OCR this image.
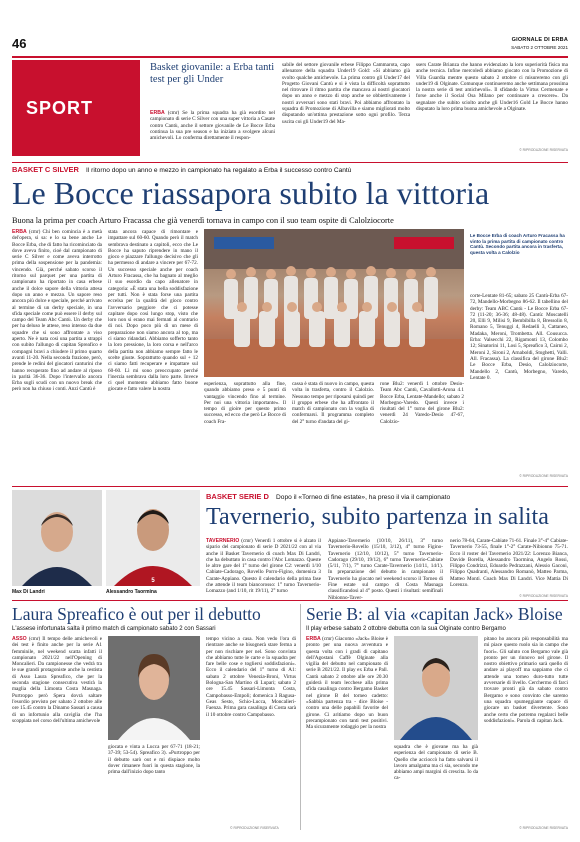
46	GIORNALE DI ERBA
SABATO 2 OTTOBRE 2021
SPORT
Basket giovanile: a Erba tanti test per gli Under
ERBA (cmr) Se la prima squadra ha già esordito nel campionato di serie C Silver con una super vittoria a Casate contro Cantù, anche il settore giovanile de Le Bocce Erba continua la sua pre season e ha iniziato a svolgere alcuni amichevoli. Lo conferma direttamente il respon-
sabile del settore giovanile erbese Filippo Cammarota, capo allenatore della squadra Under19 Gold: «Si abbiamo già svolto qualche amichevole. La prima contro gli Under17 del Progetto Giovani Cantù e si è vista la difficoltà soprattutto nel ritrovare il ritmo partita che mancava ai nostri giocatori dopo un anno e mezzo di stop anche se obbiettivamente i nostri avversari sono stati bravi. Poi abbiamo affrontato la squadra di Promozione di Albavilla e siamo migliorati molto disputando un'ottima prestazione sotto ogni profilo. Terza uscita coi gli Under19 del Ma-
ssers Carate Brianza che hanno evidenziato la loro superiorità fisica ma anche tecnica. Infine mercoledì abbiamo giocato con la Promozione di Villa Guardia mentre questo sabato 2 ottobre ci misureremo con gli under19 di Olginate. Comunque continueremo anche settimana prossima la nostra serie di test amichevoli». Il sfidando la Virtus Cermenate e forse anche il Social Osa Milano per continuare a crescere». Da segnalare che subito sciolto anche gli Under16 Gold Le Bocce hanno disputato la loro prima buona amichevole a Olginate.
© RIPRODUZIONE RISERVATA
BASKET C SILVER Il ritorno dopo un anno e mezzo in campionato ha regalato a Erba il successo contro Cantù
Le Bocce riassapora subito la vittoria
Buona la prima per coach Arturo Fracassa che già venerdì tornava in campo con il suo team ospite di Calolziocorte
ERBA (cmr) Chi ben comincia è a metà del'opera, si sa: e lo sa bene anche Le Bocce Erba, che di fatto ha ricominciato da dove aveva finito, cioè dal campionato di serie C Silver e come aveva interrotto prima della sospensione per la pandemia: vincendo. Già, perché sabato scorso il ritorno sul parquet per una partita di campionato ha riportato in casa erbese anche il dolce sapore della vittoria attesa dopo un anno e mezzo. Un sapore reso ancora più dolce e speciale, perché arrivato al termine di un derby speciale, in una sfida speciale come può essere il derby sul campo del Team Abc Cantù. Un derby che per ha deluso le attese, reso intenso da due squadre che si sono affrontate a viso aperto. Ne è nata così una partita a strappi con subito l'allungo di capitan Spreafico e compagni bravi a chiudere il primo quarto avanti 11-20. Nella seconda frazione, però, prende le redini del giocatori canturini che hanno recuperato fino ad andare al riposo in parità 36-36. Dopo l'intervallo ancora Erba sugli scudi con un nuovo break che però non ha chiuso i conti. Anzi Cantù è
stata ancora capace di rimontare e impattare sul 60-60. Quando però il match sembrava destinato a capitoli, ecco che Le Bocce ha saputo riprendere in mano il gioco e piazzare l'allungo decisivo che gli ha permesso di andare a vincere per 67-72. Un successo speciale anche per coach Arturo Fracassa, che ha bagnato al meglio il suo esordio da capo allenatore in categoria: «È stata una bella soddisfazione per tutti. Non è stata forse una partita eccelsa per la qualità del gioco contro l'avversario peggiore che ci potesse capitare dopo così lungo stop, visto che loro non si erano mai fermati al contrario di noi. Dopo poco più di un mese di preparazione non siamo ancora al top, ma ci siamo ridandati. Abbiamo sofferto tanto la loro pressione, la loro corsa e nell'arco della partita non abbiamo sempre fatto le scelte giuste. Soprattutto quando sul + 12 ci siamo fatti recuperare e impattare sul 60-60. Lì mi sono preoccupato perché l'inerzia sembrava dalla loro parte. Invece ci quel momento abbiamo fatto buone giocate e fatto valere la nostra
Le Bocce Erba di coach Arturo Fracassa ha vinto la prima partita di campionato contro Cantù. Secondo partita ancora in trasferta, questa volta a Calolzio
esperienza, soprattutto alla fine, quando abbiamo preso e 5 punti di vantaggio vincendo fino al termine. Per noi una vittoria importante». Il tempo di gioire per questo primo successo, ed ecco che però Le Bocce di coach Fra-
cassa è stata di nuovo in campo, questa volta in trasferta, contro il Calolzio. Nessuno tempo per riposarsi quindi per il gruppo erbese che ha affrontato il match di campionato con la voglia di confermarsi. Il programma completo del 2° turno d'andata del gi-
rone Blu2: venerdì 1 ottobre Desio-Team Abc Cantù, Cavallotti-Arona 4.1 Bocce Erba, Lentate-Mandello; sabato 2 Morbegno-Varedo. Questi invece i risultati del 1° turno del girone Blu2: venerdì 24 Varedo-Desio 47-67, Calolzio-
corte-Lentate 81-65; sabato 25 Cantù-Erba 67-72, Mandello-Morbegno 86-62. Il tabellino del derby: Team ABC Cantù - Le Bocce Erba 67-72 (11-20; 36-36; 48-48). Cantù: Moscatelli 20, Elli 9, Milisi 9, Bembibilla 8, Bressolin 8, Romano 5, Tenuggi 4, Redaelli 3, Cattaneo, Madaka, Meroni, Trombetta. All. Cousucca. Erba: Valsecchi 22, Rigamonti 13, Colombo 12; Sinatorini 11, Losi 5, Spreafico 3, Cairni 2, Meroni 2, Sironi 2, Arnaboldi, Stoghetti, Valli. All. Fracassa). La classifica del girone Blu2: Le Bocce Erba, Desio, Calolziocorte, Mandello 2, Cantù, Morbegno, Varedo, Lentate 0.
© RIPRODUZIONE RISERVATA
Max Di Landri
5
Alessandro Taormina
BASKET SERIE D Dopo il «Torneo di fine estate», ha preso il via il campionato
Tavernerio, subito partenza in salita
TAVERNERIO (cmr) Venerdì 1 ottobre si è alzato il sipario del campionato di serie D 2021/22 con al via anche il Basket Tavernerio di coach Max Di Landri, che ha debuttato in casa contro l'Abc Lomazzo. Queste le altre gare del 1° turno del girone C2: venerdì 1/10 Cabiate-Cadorago, Rovello Porro-Figino, domenica 3 Carate-Appiano. Questo il calendario della prima fase che attende il team biancorosso: 1° turno Tavernerio-Lomazzo (and 1/10, rit 19/11), 2° turno
Appiano-Tavernerio (10/10, 26/11), 3° turno Tavernerio-Rovello (15/10, 3/12), 4° turno Figino-Tavernerio (12/10, 10/12), 5° turno Tavernerio-Cadorago (29/10, 19/12), 6° turno Tavernerio-Cabiate (5/11, 7/1), 7° turno Carate-Tavernerio (14/11, 14/1). In preparazione del debutto in campionato il Tavernerio ha giocato nel weekend scorso il Torneo di Fine estate sul campo di Costa Masnaga classificandosi al 4° posto. Questi i risultati: semifinali Nibionno-Taver-
nerio 78-64, Carate-Cabiate 71-61. Finale 3°-4° Cabiate-Tavernerio 73-55, finale 1°-2° Carate-Nibionno 75-71. Ecco il roster del Tavernerio 2021/22: Lorenzo Bianca, Davide Borella, Alessandro Taormina, Angelo Rossi, Filippo Condrizzi, Edoardo Pedrazzani, Alessio Gaconi, Filippo Quadranti, Alessandro Romanò, Matteo Parma, Matteo Monti. Coach Max Di Landri. Vice Mattia Di Lorenzo.
© RIPRODUZIONE RISERVATA
Laura Spreafico è out per il debutto
L'assese infortunata salta il primo match di campionato sabato 2 con Sassari
ASSO (cmr) Il tempo delle amichevoli e dei test è finito anche per la serie A1 femminile, nel weekend scatta infatti il campionato 2021/22 nell'Opening di Moncalieri. Da campionesse che vedrà tra le sue grandi protagoniste anche la cestista di Asso Laura Spreafico, che per la seconda stagione consecutiva vestirà la maglia della Limonta Costa Masnaga. Purtroppo però Spera dovrà saltare l'esordio previsto per sabato 2 ottobre alle ore 15.45 contro la Dinamo Sassari a causa di un infortunio alla caviglia che l'ha scoppiata nel corso dell'ultima amichevole
giocata e vinta a Lucca per 67-71 (18-21; 37-39; 53-54). Spreafico 3). «Purtroppo per il debutto sarò out e mi dispiace molto dover rimanere fuori in questa stagione, la prima dall'inizio dopo tanto
tempo vicino a casa. Non vedo l'ora di rientrare anche se bisognerà stare ferma a per non rischiare per nel. Sono convinta che abbiamo tutte le carte e la squadra per fare belle cose e togliersi soddisfazioni». Ecco il calendario del 1° turno di A1: sabato 2 ottobre Venezia-Broni, Virtus Bologna-San Martino di Lupari; sabato 2 ore 15.45 Sassari-Limonta Costa, Campobasso-Empoli; domenica 3 Ragusa-Geas Sesto, Schio-Lucca, Moncalieri-Faenza. Prima gara casalinga di Costa sarà il 10 ottobre contro Campobasso.
© RIPRODUZIONE RISERVATA
Serie B: al via «capitan Jack» Bloise
Il play erbese sabato 2 ottobre debutta con la sua Olginate contro Bergamo
ERBA (cmr) Giacomo «Jack» Bloise è pronto per una nuova avventura e questa volta con i gradi di capitano dell'Agostani Caffè Olginate alla vigilia del debutto nel campionato di serie B 2021/22. Il play ex Erba e Pall. Cantù sabato 2 ottobre alle ore 20.30 guiderà il team lecchese alla prima sfida casalinga contro Bergamo Basket nel girone B del torneo cadetto: «Sabbia partenza tra - dice Bloise - contro una delle papabili favorite del girone. Ci aritiamo dopo un buon precampionato con tanti test positivi. Ma sicuramente rodaggio per la nostra
squadra che è giovane ma ha già esperienza del campionato di serie B. Quello che accioccò ha fatto salvarsi il lavoro amalgama ma ci sia, secondo me abbiamo ampi margini di crescita. Io da ca-
pitano ho ancora più responsabilità ma mi piace questo ruolo sia in campo che fuori». Gli saluto con Bergamo vale già pronto per un rinnovo nel girone. Il nostro obiettivo primario sarà quello di andare ai playoff ma sappiamo che ci attende una torneo duro-tutto tutte avversarie di livello. Cerchermo di farci trovare pronti già da sabato contro Bergamo e sono convinto che saremo una squadra spumeggiante capace di giocare un basket divertente. Sono anche certo che potremo regalarci belle soddisfazioni». Parola di capitan Jack.
© RIPRODUZIONE RISERVATA
